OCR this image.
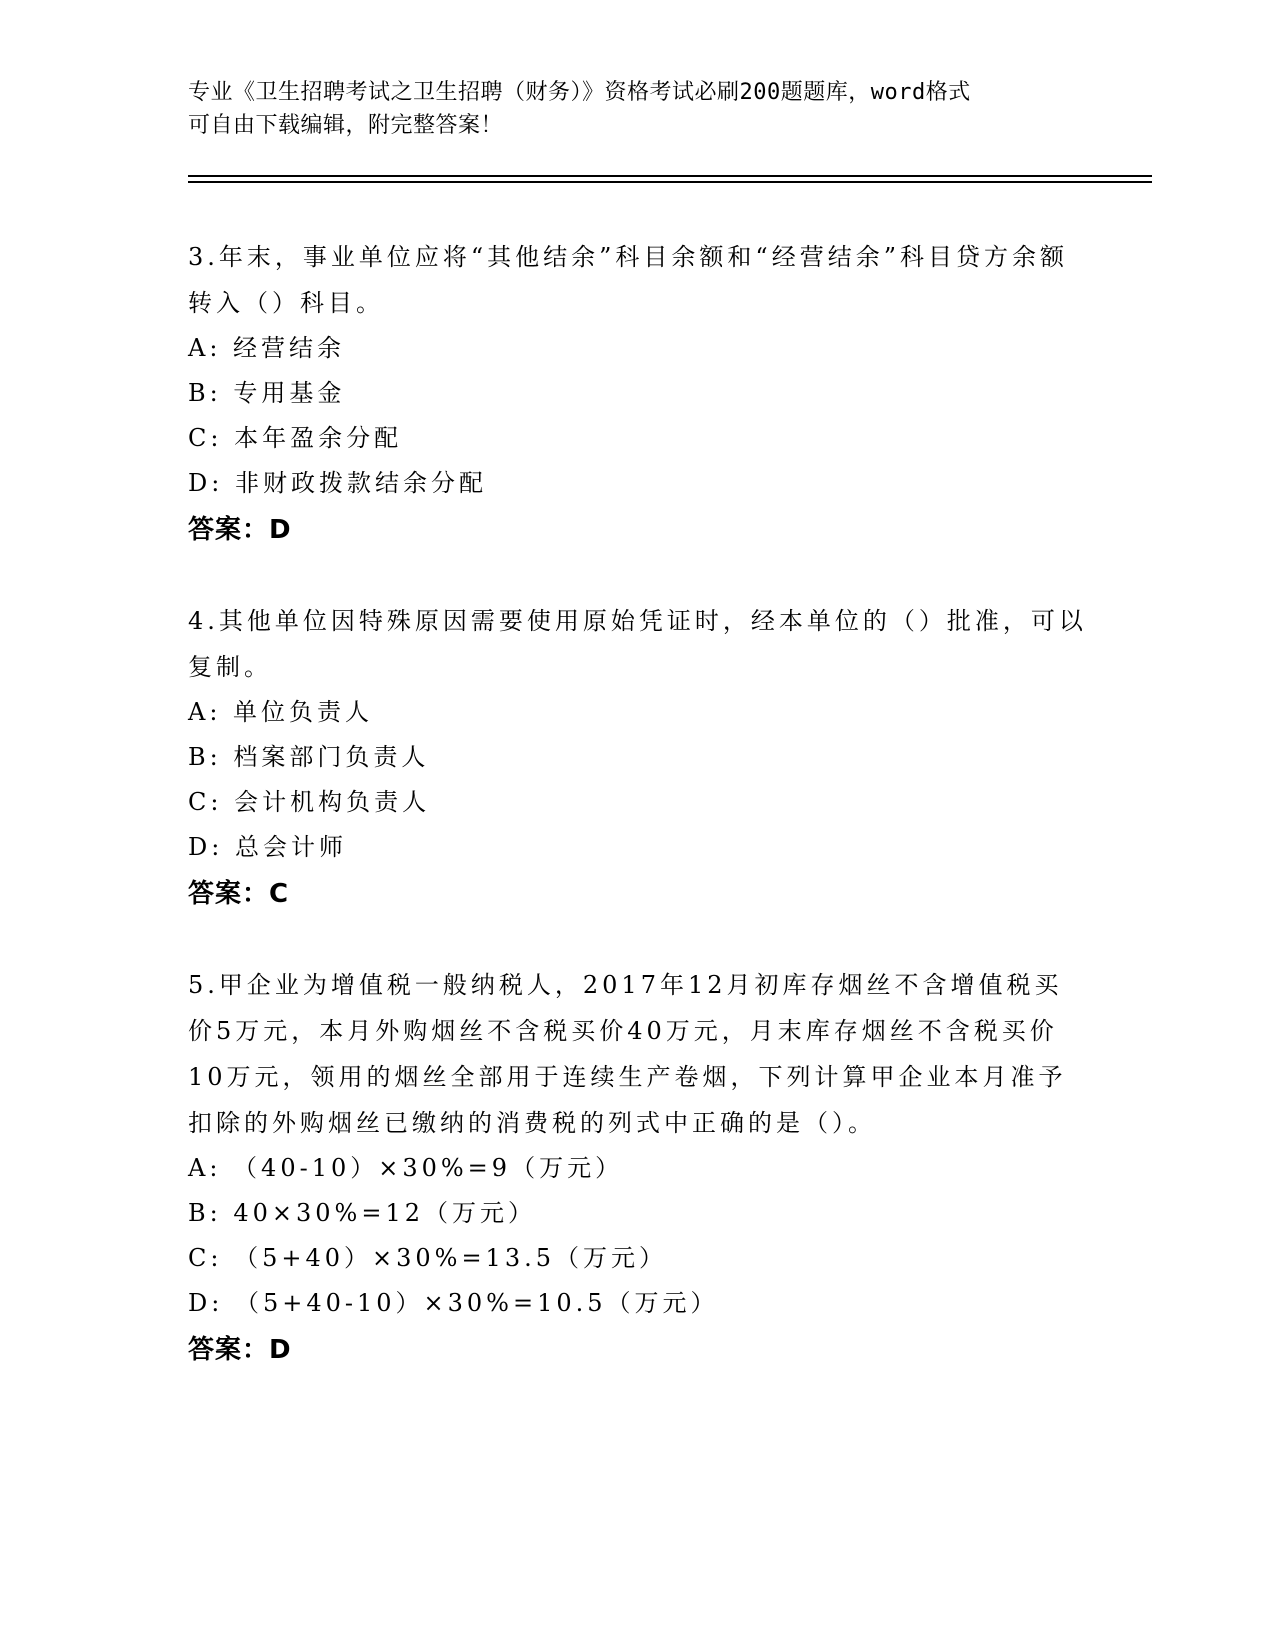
专业《卫生招聘考试之卫生招聘（财务）》资格考试必刷200题题库，word格式
可自由下载编辑，附完整答案！
3.年末，事业单位应将“其他结余”科目余额和“经营结余”科目贷方余额转入（）科目。
A: 经营结余
B: 专用基金
C: 本年盈余分配
D: 非财政拨款结余分配
答案：D
4.其他单位因特殊原因需要使用原始凭证时，经本单位的（）批准，可以复制。
A: 单位负责人
B: 档案部门负责人
C: 会计机构负责人
D: 总会计师
答案：C
5.甲企业为增值税一般纳税人，2017年12月初库存烟丝不含增值税买价5万元，本月外购烟丝不含税买价40万元，月末库存烟丝不含税买价10万元，领用的烟丝全部用于连续生产卷烟，下列计算甲企业本月准予扣除的外购烟丝已缴纳的消费税的列式中正确的是（）。
A: （40-10）×30%=9（万元）
B: 40×30%=12（万元）
C: （5+40）×30%=13.5（万元）
D: （5+40-10）×30%=10.5（万元）
答案：D
